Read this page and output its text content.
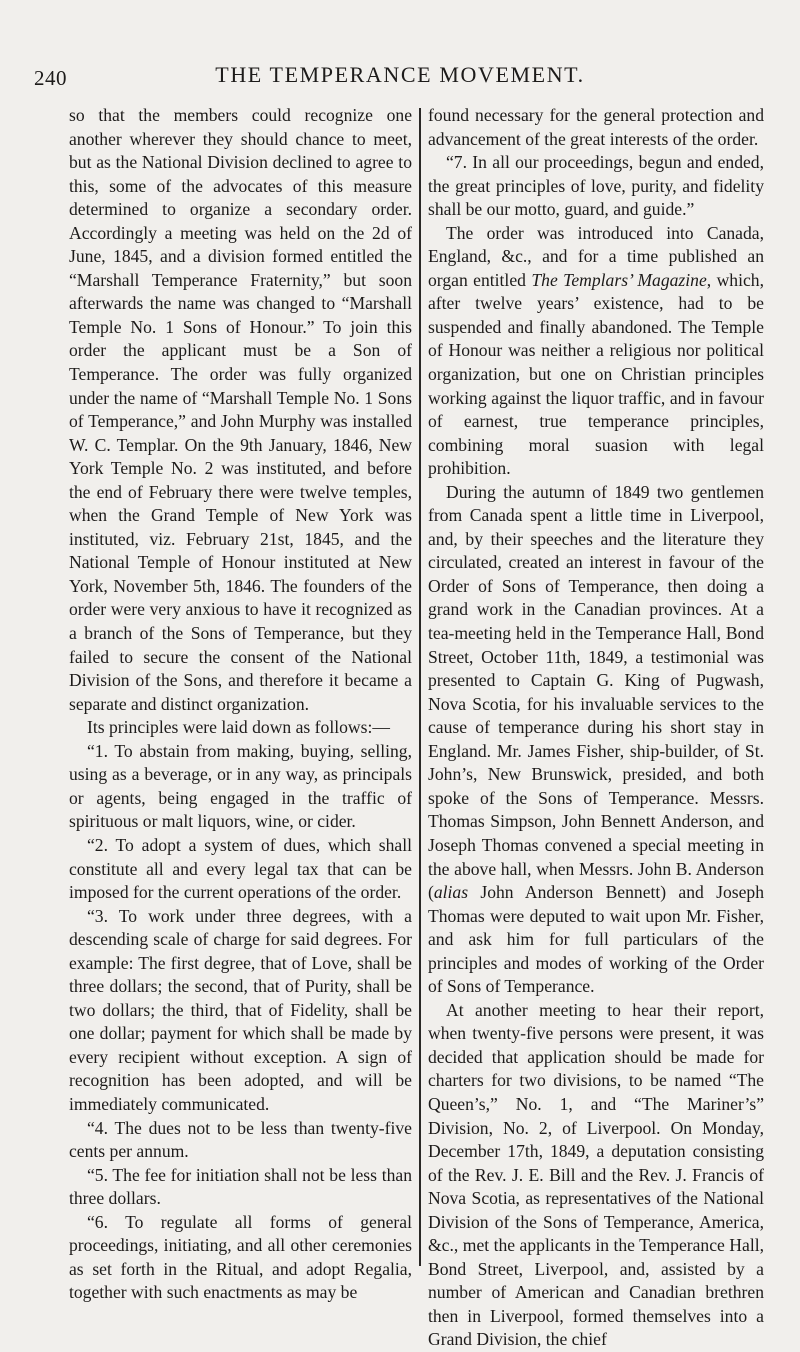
240	THE TEMPERANCE MOVEMENT.

so that the members could recognize one another wherever they should chance to meet, but as the National Division declined to agree to this, some of the advocates of this measure determined to organize a secondary order. Accordingly a meeting was held on the 2d of June, 1845, and a division formed entitled the “Marshall Temperance Fraternity,” but soon afterwards the name was changed to “Marshall Temple No. 1 Sons of Honour.” To join this order the applicant must be a Son of Temperance. The order was fully organized under the name of “Marshall Temple No. 1 Sons of Temperance,” and John Murphy was installed W. C. Templar. On the 9th January, 1846, New York Temple No. 2 was instituted, and before the end of February there were twelve temples, when the Grand Temple of New York was instituted, viz. February 21st, 1845, and the National Temple of Honour instituted at New York, November 5th, 1846. The founders of the order were very anxious to have it recognized as a branch of the Sons of Temperance, but they failed to secure the consent of the National Division of the Sons, and therefore it became a separate and distinct organization.

Its principles were laid down as follows:—

“1. To abstain from making, buying, selling, using as a beverage, or in any way, as principals or agents, being engaged in the traffic of spirituous or malt liquors, wine, or cider.

“2. To adopt a system of dues, which shall constitute all and every legal tax that can be imposed for the current operations of the order.

“3. To work under three degrees, with a descending scale of charge for said degrees. For example: The first degree, that of Love, shall be three dollars; the second, that of Purity, shall be two dollars; the third, that of Fidelity, shall be one dollar; payment for which shall be made by every recipient without exception. A sign of recognition has been adopted, and will be immediately communicated.

“4. The dues not to be less than twenty-five cents per annum.

“5. The fee for initiation shall not be less than three dollars.

“6. To regulate all forms of general proceedings, initiating, and all other ceremonies as set forth in the Ritual, and adopt Regalia, together with such enactments as may be

found necessary for the general protection and advancement of the great interests of the order.

“7. In all our proceedings, begun and ended, the great principles of love, purity, and fidelity shall be our motto, guard, and guide.”

The order was introduced into Canada, England, &c., and for a time published an organ entitled The Templars’ Magazine, which, after twelve years’ existence, had to be suspended and finally abandoned. The Temple of Honour was neither a religious nor political organization, but one on Christian principles working against the liquor traffic, and in favour of earnest, true temperance principles, combining moral suasion with legal prohibition.

During the autumn of 1849 two gentlemen from Canada spent a little time in Liverpool, and, by their speeches and the literature they circulated, created an interest in favour of the Order of Sons of Temperance, then doing a grand work in the Canadian provinces. At a tea-meeting held in the Temperance Hall, Bond Street, October 11th, 1849, a testimonial was presented to Captain G. King of Pugwash, Nova Scotia, for his invaluable services to the cause of temperance during his short stay in England. Mr. James Fisher, ship-builder, of St. John’s, New Brunswick, presided, and both spoke of the Sons of Temperance. Messrs. Thomas Simpson, John Bennett Anderson, and Joseph Thomas convened a special meeting in the above hall, when Messrs. John B. Anderson (alias John Anderson Bennett) and Joseph Thomas were deputed to wait upon Mr. Fisher, and ask him for full particulars of the principles and modes of working of the Order of Sons of Temperance.

At another meeting to hear their report, when twenty-five persons were present, it was decided that application should be made for charters for two divisions, to be named “The Queen’s,” No. 1, and “The Mariner’s” Division, No. 2, of Liverpool. On Monday, December 17th, 1849, a deputation consisting of the Rev. J. E. Bill and the Rev. J. Francis of Nova Scotia, as representatives of the National Division of the Sons of Temperance, America, &c., met the applicants in the Temperance Hall, Bond Street, Liverpool, and, assisted by a number of American and Canadian brethren then in Liverpool, formed themselves into a Grand Division, the chief
